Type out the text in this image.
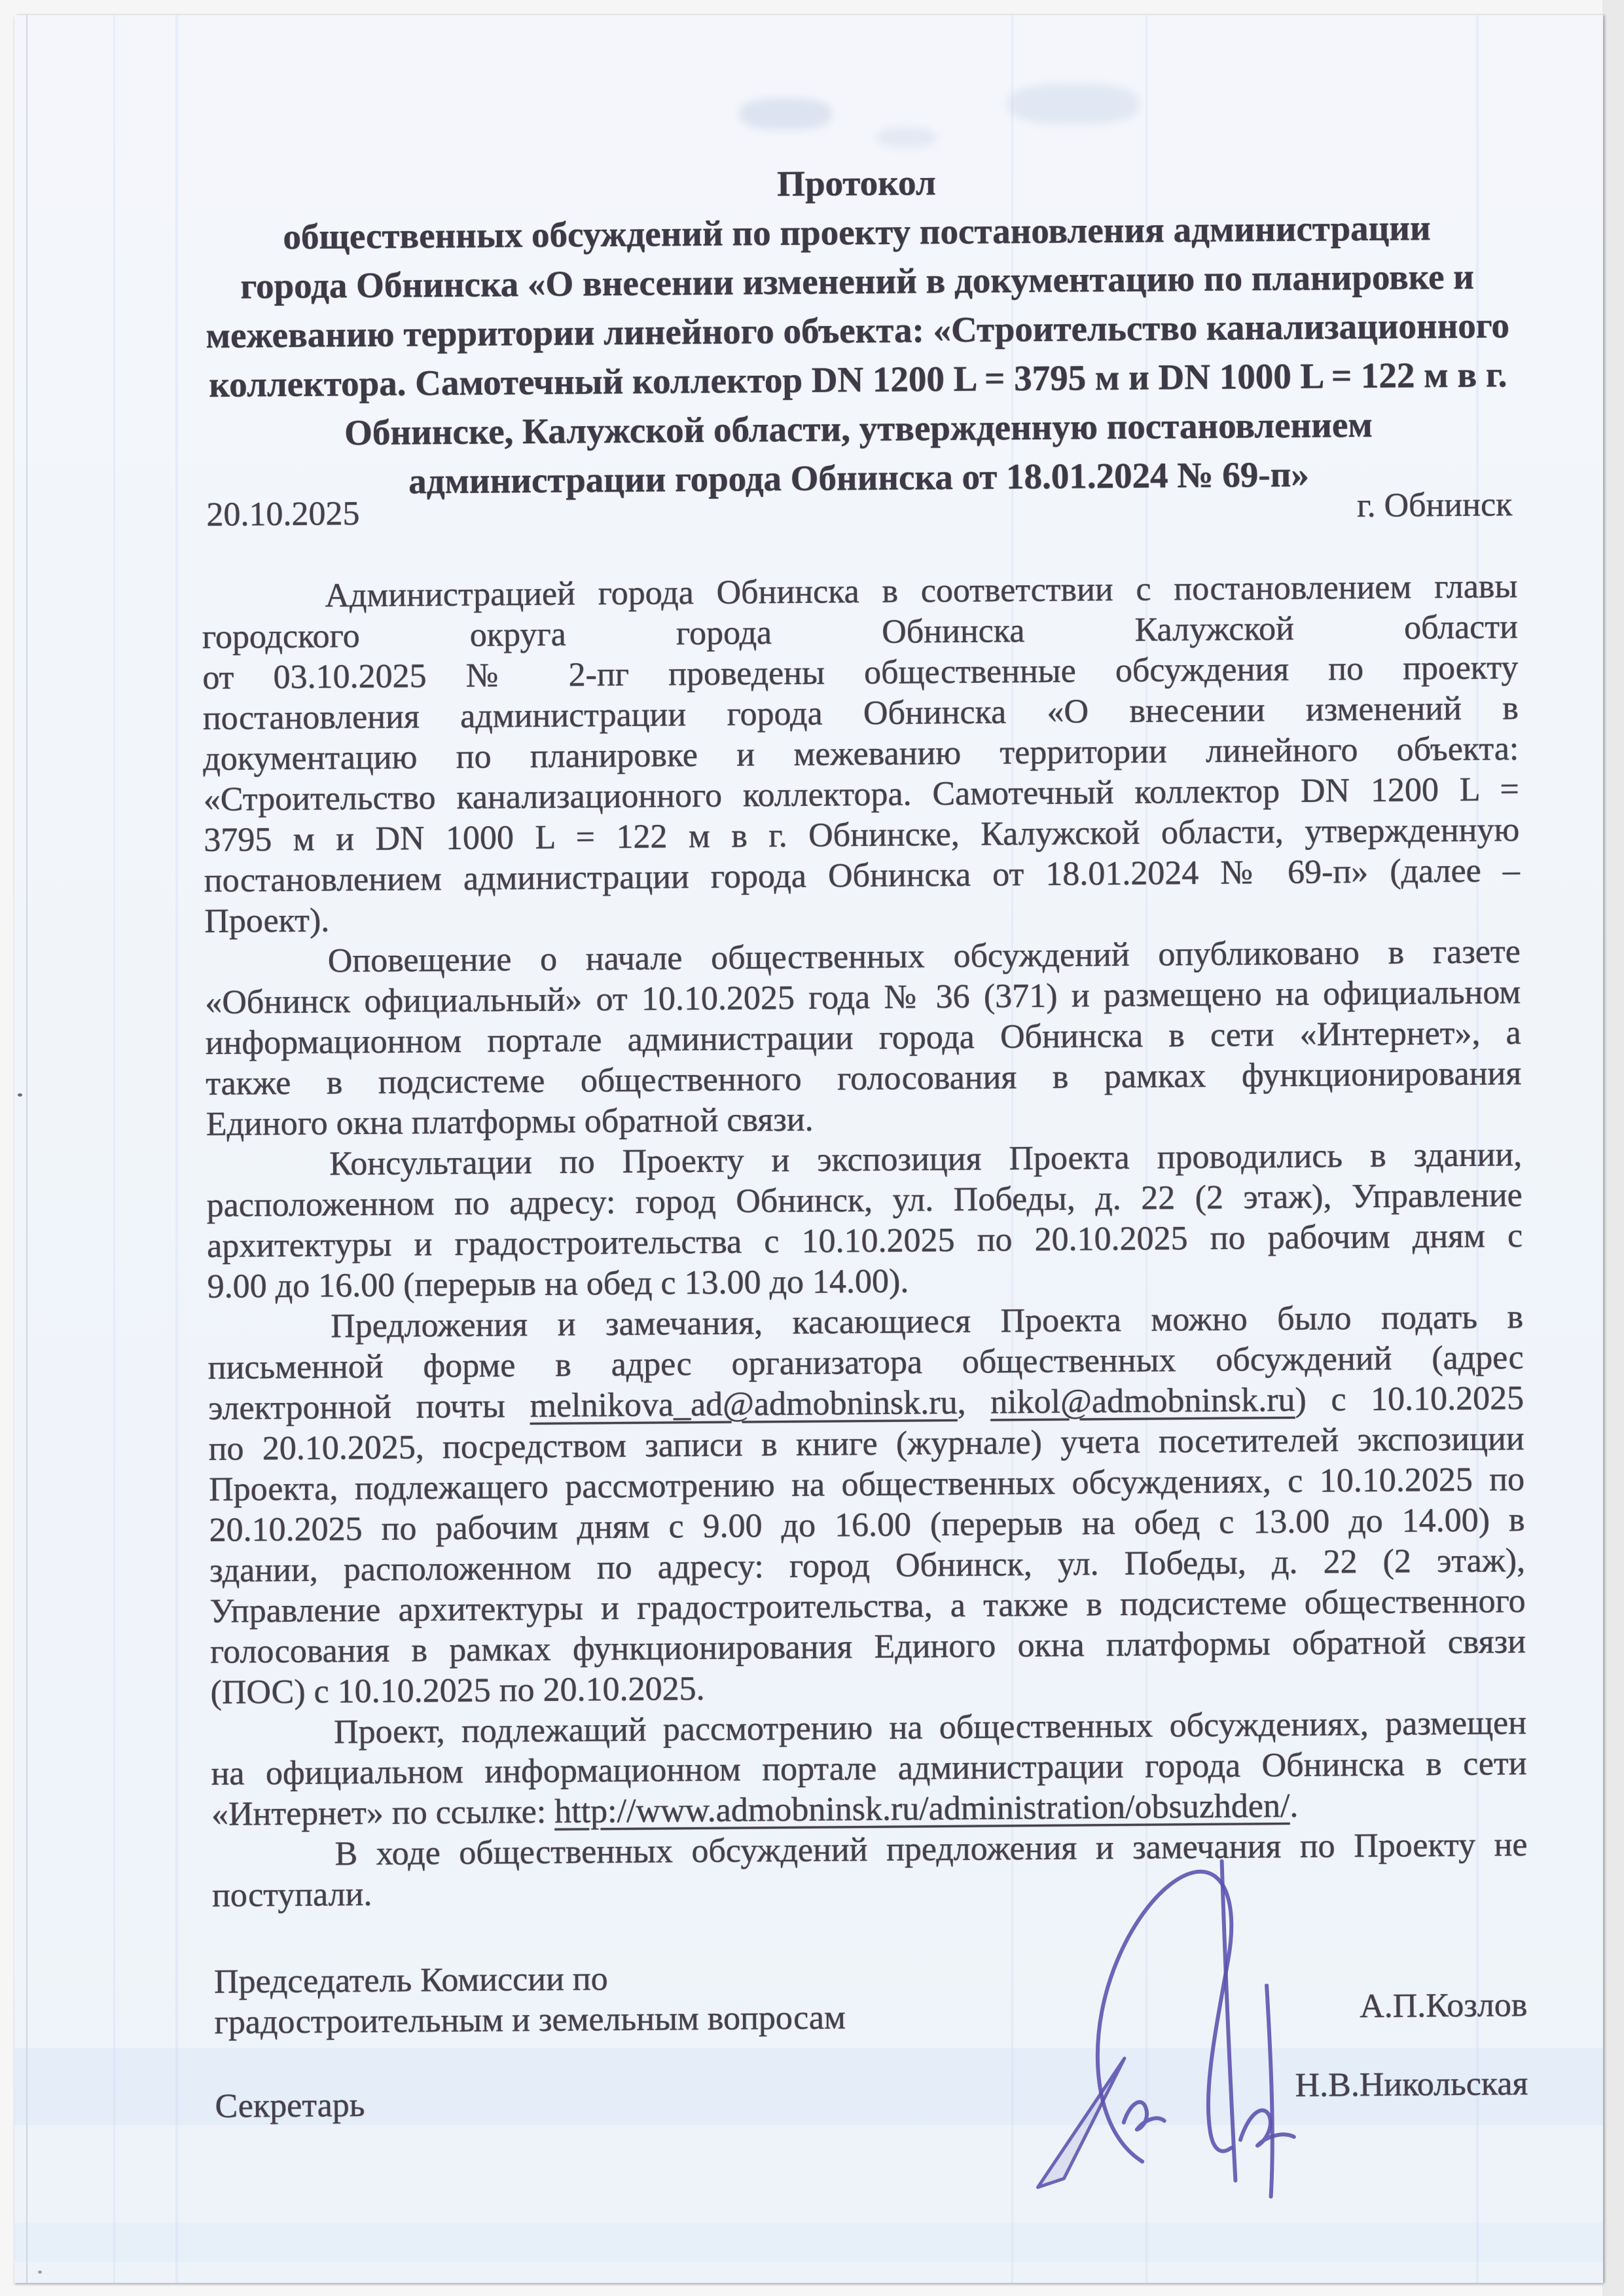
Протокол
общественных обсуждений по проекту постановления администрации
города Обнинска «О внесении изменений в документацию по планировке и
межеванию территории линейного объекта: «Строительство канализационного
коллектора. Самотечный коллектор DN 1200 L = 3795 м и DN 1000 L = 122 м в г.
Обнинске, Калужской области, утвержденную постановлением
администрации города Обнинска от 18.01.2024 № 69-п»
20.10.2025	г. Обнинск
Администрацией города Обнинска в соответствии с постановлением главы
городского округа города Обнинска Калужской области
от 03.10.2025 № 2-пг проведены общественные обсуждения по проекту
постановления администрации города Обнинска «О внесении изменений в
документацию по планировке и межеванию территории линейного объекта:
«Строительство канализационного коллектора. Самотечный коллектор DN 1200 L =
3795 м и DN 1000 L = 122 м в г. Обнинске, Калужской области, утвержденную
постановлением администрации города Обнинска от 18.01.2024 № 69-п» (далее –
Проект).
Оповещение о начале общественных обсуждений опубликовано в газете
«Обнинск официальный» от 10.10.2025 года № 36 (371) и размещено на официальном
информационном портале администрации города Обнинска в сети «Интернет», а
также в подсистеме общественного голосования в рамках функционирования
Единого окна платформы обратной связи.
Консультации по Проекту и экспозиция Проекта проводились в здании,
расположенном по адресу: город Обнинск, ул. Победы, д. 22 (2 этаж), Управление
архитектуры и градостроительства с 10.10.2025 по 20.10.2025 по рабочим дням с
9.00 до 16.00 (перерыв на обед с 13.00 до 14.00).
Предложения и замечания, касающиеся Проекта можно было подать в
письменной форме в адрес организатора общественных обсуждений (адрес
электронной почты melnikova_ad@admobninsk.ru, nikol@admobninsk.ru) с 10.10.2025
по 20.10.2025, посредством записи в книге (журнале) учета посетителей экспозиции
Проекта, подлежащего рассмотрению на общественных обсуждениях, с 10.10.2025 по
20.10.2025 по рабочим дням с 9.00 до 16.00 (перерыв на обед с 13.00 до 14.00) в
здании, расположенном по адресу: город Обнинск, ул. Победы, д. 22 (2 этаж),
Управление архитектуры и градостроительства, а также в подсистеме общественного
голосования в рамках функционирования Единого окна платформы обратной связи
(ПОС) с 10.10.2025 по 20.10.2025.
Проект, подлежащий рассмотрению на общественных обсуждениях, размещен
на официальном информационном портале администрации города Обнинска в сети
«Интернет» по ссылке: http://www.admobninsk.ru/administration/obsuzhden/.
В ходе общественных обсуждений предложения и замечания по Проекту не
поступали.
Председатель Комиссии по
градостроительным и земельным вопросам	А.П.Козлов
Секретарь
Н.В.Никольская
